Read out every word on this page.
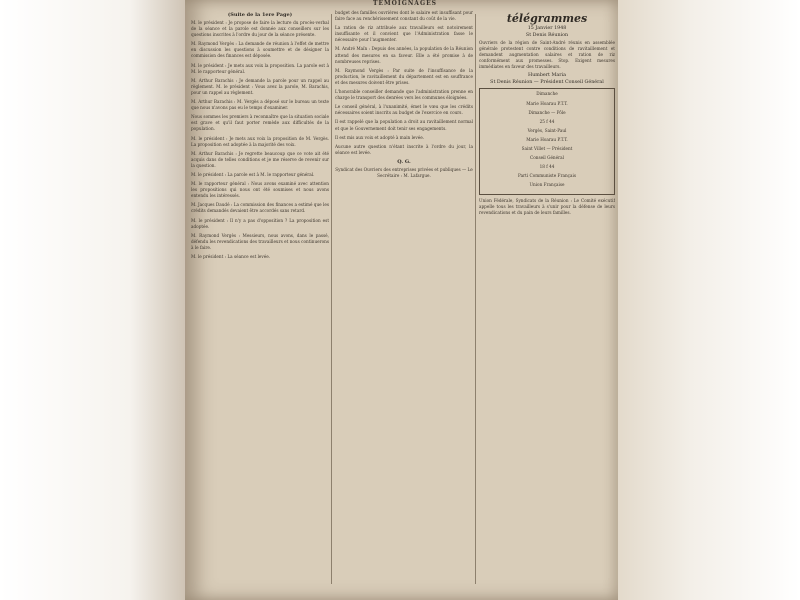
TÉMOIGNAGES
(Suite de la 1ere Page)

M. le président : Je propose de faire la lecture du procès-verbal de la séance et la parole est donnée aux conseillers sur les questions inscrites à l'ordre du jour de la séance présente.

M. Raymond Vergès : La demande de réunion à l'effet de mettre en discussion les questions à soumettre et de désigner la commission des finances est déposée.

M. le président : Je mets aux voix la proposition. La parole est à M. le rapporteur général.

M. Arthur Barachis : Je demande la parole pour un rappel au règlement. M. le président : Vous avez la parole, M. Barachis, pour un rappel au règlement.

M. Arthur Barachis : M. Vergès a déposé sur le bureau un texte que nous n'avons pas eu le temps d'examiner.

Nous sommes les premiers à reconnaître que la situation sociale est grave et qu'il faut porter remède aux difficultés de la population.

M. le président : Je mets aux voix la proposition de M. Vergès. La proposition est adoptée à la majorité des voix.

M. Arthur Barachis : Je regrette beaucoup que ce vote ait été acquis dans de telles conditions et je me réserve de revenir sur la question.

M. le président : La parole est à M. le rapporteur général.

M. le rapporteur général : Nous avons examiné avec attention les propositions qui nous ont été soumises et nous avons entendu les intéressés.

M. Jacques Daudé : La commission des finances a estimé que les crédits demandés devaient être accordés sans retard.

M. le président : Il n'y a pas d'opposition ? La proposition est adoptée.

M. Raymond Vergès : Messieurs, nous avons, dans le passé, défendu les revendications des travailleurs et nous continuerons à le faire.

M. le président : La séance est levée.

budget des familles ouvrières dont le salaire est insuffisant pour faire face au renchérissement constant du coût de la vie.

La ration de riz attribuée aux travailleurs est notoirement insuffisante et il convient que l'Administration fasse le nécessaire pour l'augmenter.

M. André Maïn : Depuis des années, la population de la Réunion attend des mesures en sa faveur. Elle a été promise à de nombreuses reprises.

M. Raymond Vergès : Par suite de l'insuffisance de la production, le ravitaillement du département est en souffrance et des mesures doivent être prises.

L'honorable conseiller demande que l'administration prenne en charge le transport des denrées vers les communes éloignées.

Le conseil général, à l'unanimité, émet le vœu que les crédits nécessaires soient inscrits au budget de l'exercice en cours.

Il est rappelé que la population a droit au ravitaillement normal et que le Gouvernement doit tenir ses engagements.

Il est mis aux voix et adopté à main levée.

Aucune autre question n'étant inscrite à l'ordre du jour, la séance est levée.

Q. G.

Syndicat des Ouvriers des entreprises privées et publiques — Le Secrétaire : M. Lafargue.

télégrammes
15 Janvier 1948
St Denis Réunion

Ouvriers de la région de Saint-André réunis en assemblée générale protestent contre conditions de ravitaillement et demandent augmentation salaires et ration de riz conformément aux promesses. Stop. Exigent mesures immédiates en faveur des travailleurs.

Humbert Maria
St Denis Réunion — Président Conseil Général
Dimanche
Marie Hoarau P.T.T.
Dimanche — Pôle
25 f 44
Vergès, Saint-Paul
Marie Hoarau P.T.T.
Saint Villet — Président
Conseil Général
18 f 44
Parti Communiste Français
Union Française

Union Fédérale, Syndicats de la Réunion : Le Comité exécutif appelle tous les travailleurs à s'unir pour la défense de leurs revendications et du pain de leurs familles.
